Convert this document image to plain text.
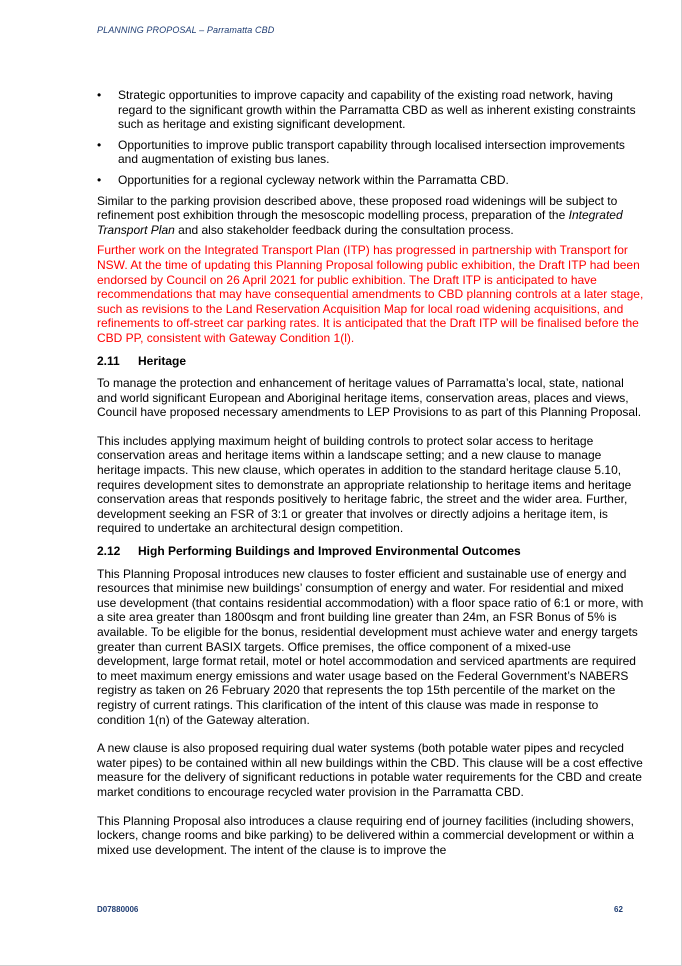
PLANNING PROPOSAL – Parramatta CBD
• Strategic opportunities to improve capacity and capability of the existing road network, having regard to the significant growth within the Parramatta CBD as well as inherent existing constraints such as heritage and existing significant development.
• Opportunities to improve public transport capability through localised intersection improvements and augmentation of existing bus lanes.
• Opportunities for a regional cycleway network within the Parramatta CBD.

Similar to the parking provision described above, these proposed road widenings will be subject to refinement post exhibition through the mesoscopic modelling process, preparation of the Integrated Transport Plan and also stakeholder feedback during the consultation process.

Further work on the Integrated Transport Plan (ITP) has progressed in partnership with Transport for NSW. At the time of updating this Planning Proposal following public exhibition, the Draft ITP had been endorsed by Council on 26 April 2021 for public exhibition. The Draft ITP is anticipated to have recommendations that may have consequential amendments to CBD planning controls at a later stage, such as revisions to the Land Reservation Acquisition Map for local road widening acquisitions, and refinements to off-street car parking rates. It is anticipated that the Draft ITP will be finalised before the CBD PP, consistent with Gateway Condition 1(l).

2.11 Heritage

To manage the protection and enhancement of heritage values of Parramatta’s local, state, national and world significant European and Aboriginal heritage items, conservation areas, places and views, Council have proposed necessary amendments to LEP Provisions to as part of this Planning Proposal.

This includes applying maximum height of building controls to protect solar access to heritage conservation areas and heritage items within a landscape setting; and a new clause to manage heritage impacts. This new clause, which operates in addition to the standard heritage clause 5.10, requires development sites to demonstrate an appropriate relationship to heritage items and heritage conservation areas that responds positively to heritage fabric, the street and the wider area. Further, development seeking an FSR of 3:1 or greater that involves or directly adjoins a heritage item, is required to undertake an architectural design competition.

2.12 High Performing Buildings and Improved Environmental Outcomes

This Planning Proposal introduces new clauses to foster efficient and sustainable use of energy and resources that minimise new buildings’ consumption of energy and water. For residential and mixed use development (that contains residential accommodation) with a floor space ratio of 6:1 or more, with a site area greater than 1800sqm and front building line greater than 24m, an FSR Bonus of 5% is available. To be eligible for the bonus, residential development must achieve water and energy targets greater than current BASIX targets. Office premises, the office component of a mixed-use development, large format retail, motel or hotel accommodation and serviced apartments are required to meet maximum energy emissions and water usage based on the Federal Government’s NABERS registry as taken on 26 February 2020 that represents the top 15th percentile of the market on the registry of current ratings. This clarification of the intent of this clause was made in response to condition 1(n) of the Gateway alteration.

A new clause is also proposed requiring dual water systems (both potable water pipes and recycled water pipes) to be contained within all new buildings within the CBD. This clause will be a cost effective measure for the delivery of significant reductions in potable water requirements for the CBD and create market conditions to encourage recycled water provision in the Parramatta CBD.

This Planning Proposal also introduces a clause requiring end of journey facilities (including showers, lockers, change rooms and bike parking) to be delivered within a commercial development or within a mixed use development. The intent of the clause is to improve the

D07880006	62
